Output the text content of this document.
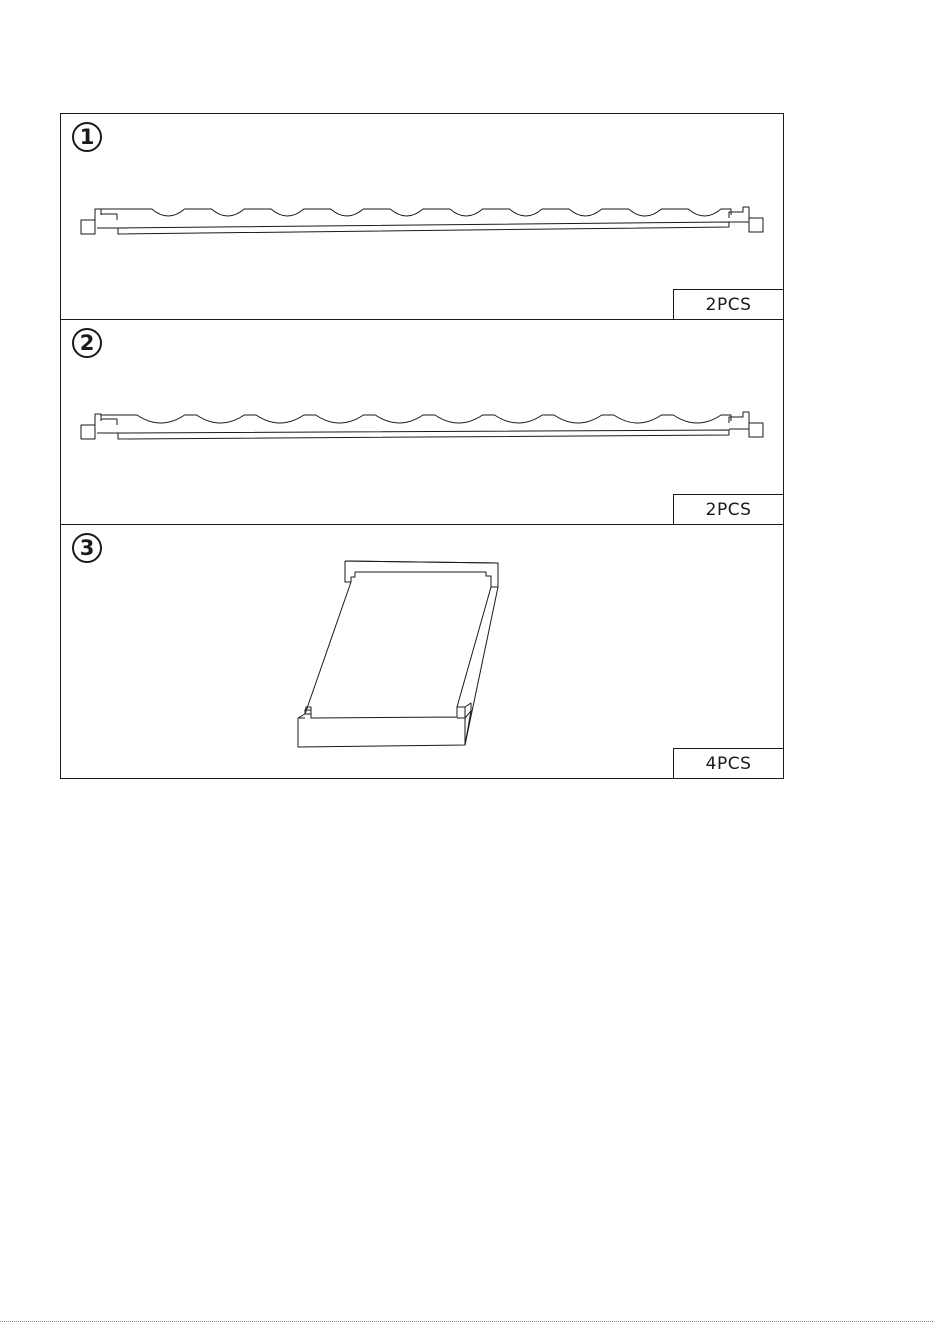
1
2PCS
2
2PCS
3
4PCS
